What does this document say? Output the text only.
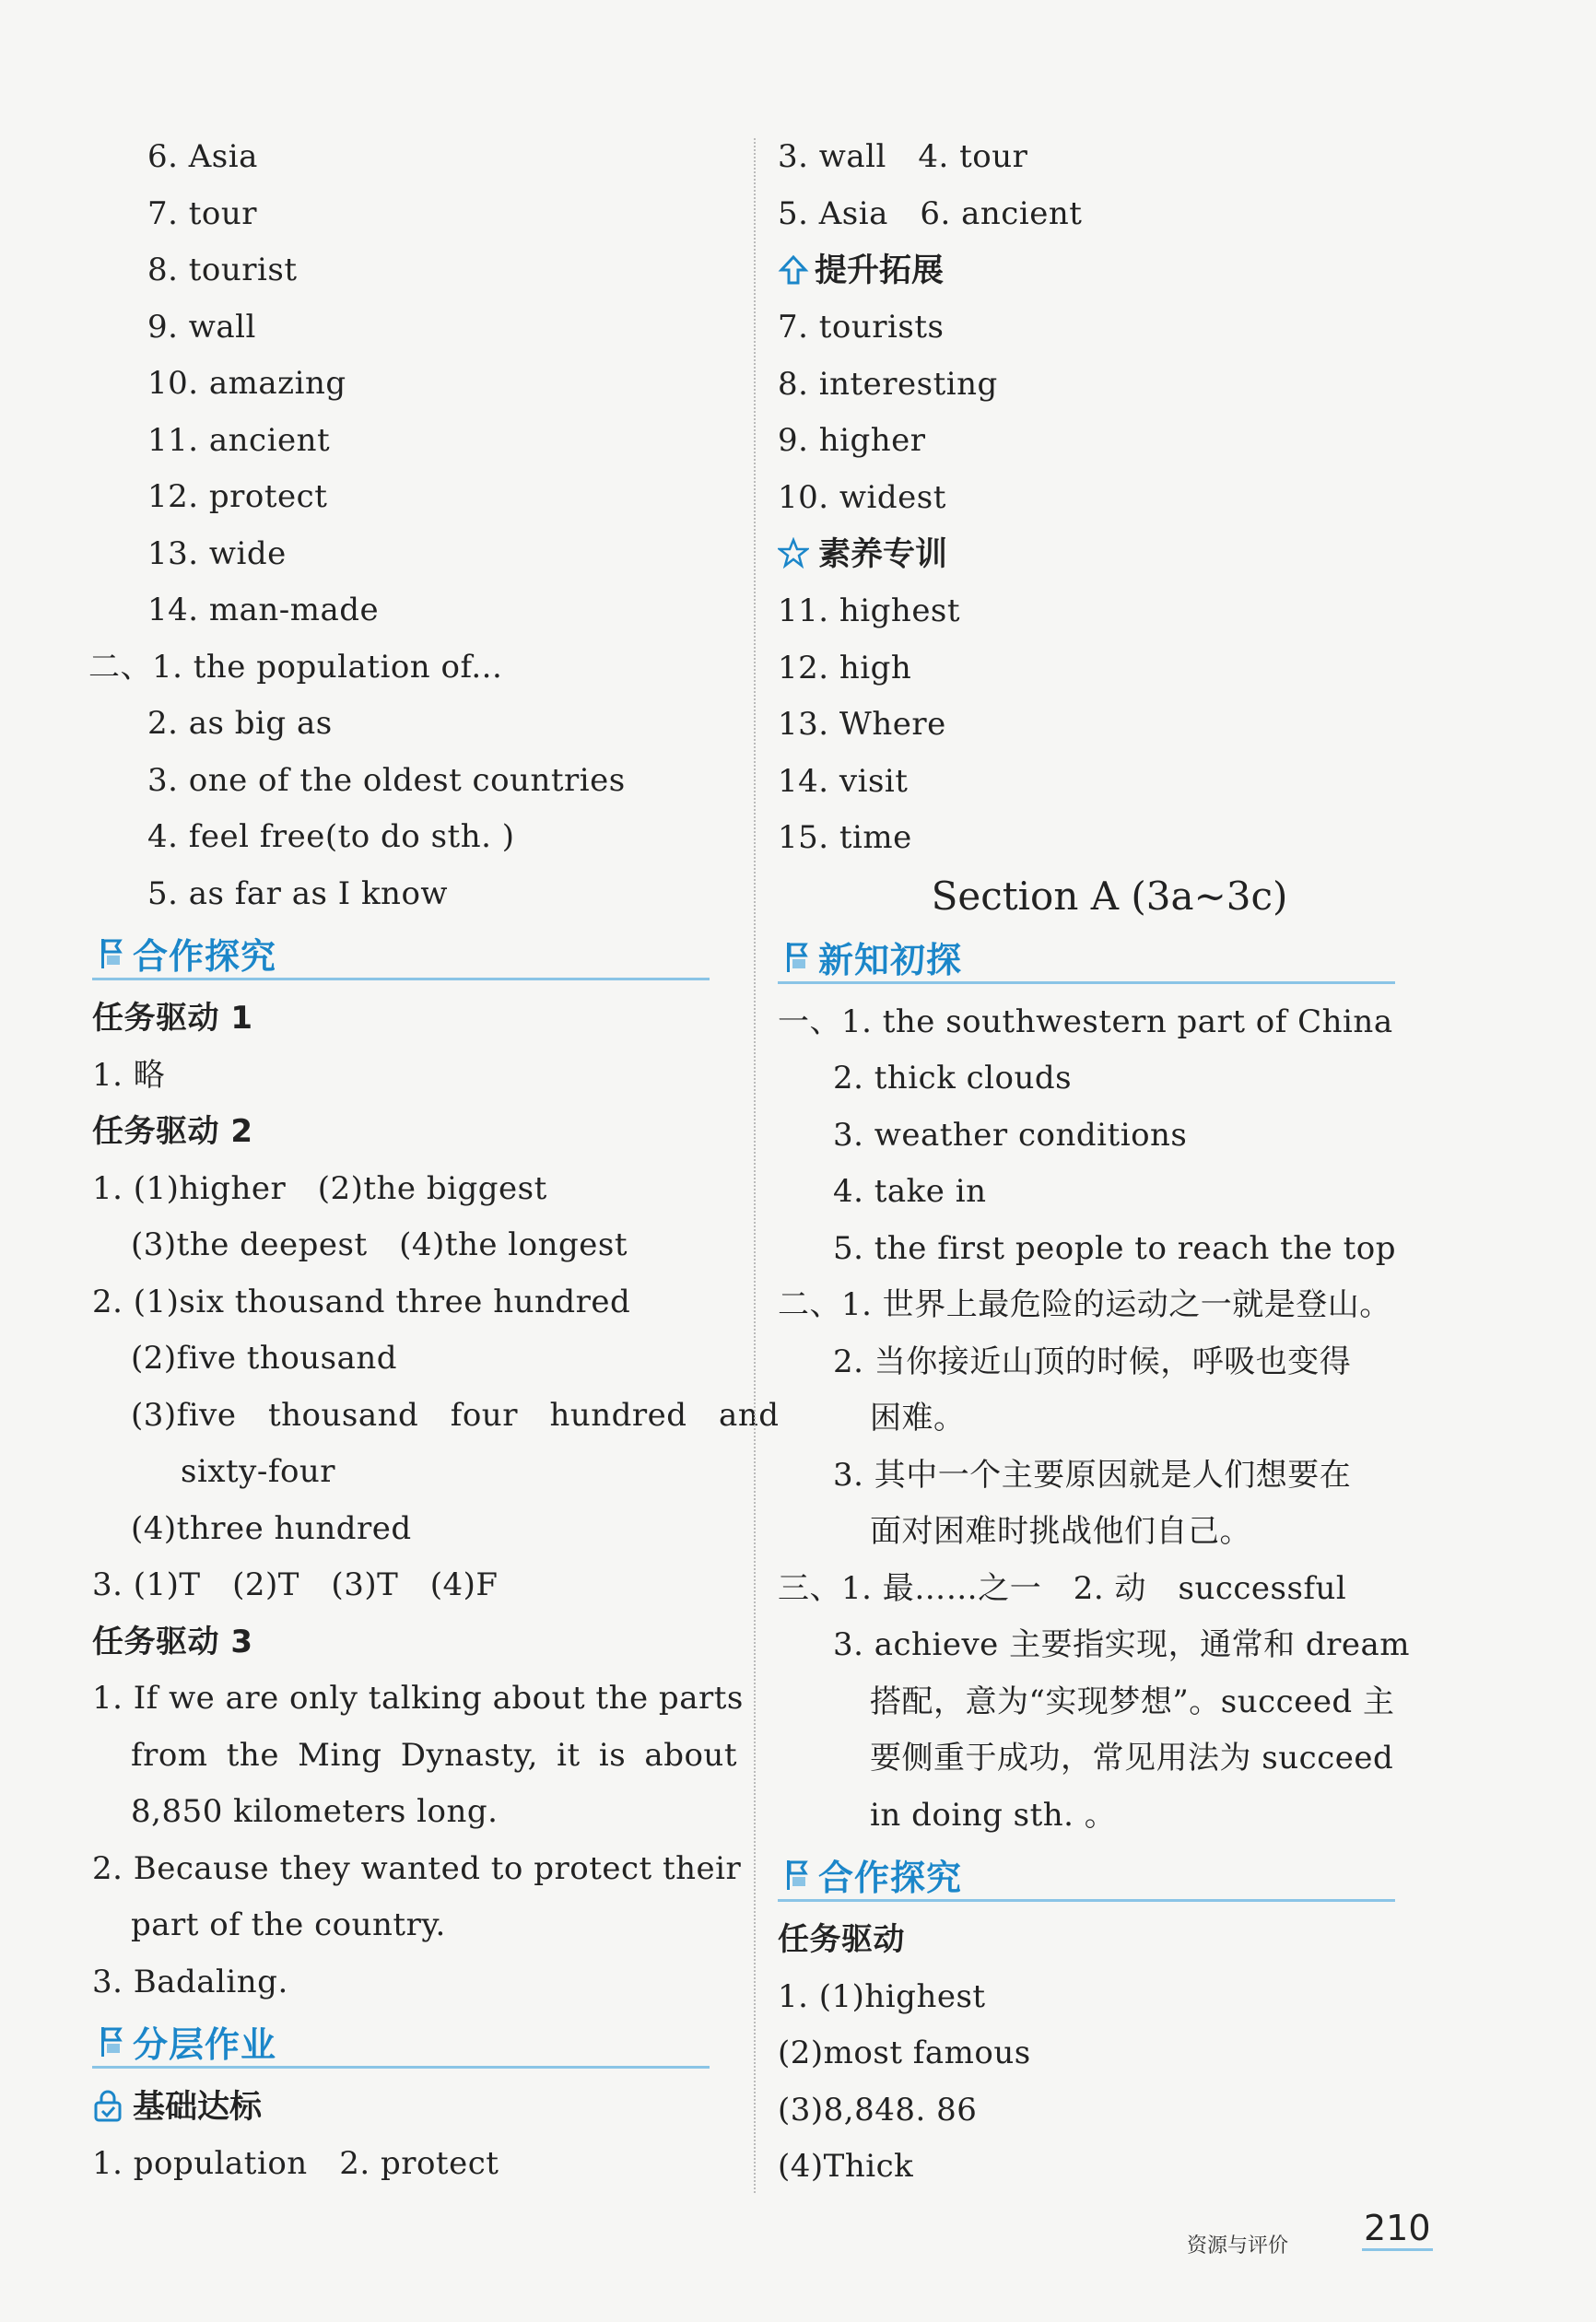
6. Asia
7. tour
8. tourist
9. wall
10. amazing
11. ancient
12. protect
13. wide
14. man-made
二、1. the population of...
2. as big as
3. one of the oldest countries
4. feel free(to do sth. )
5. as far as I know
合作探究
任务驱动 1
1. 略
任务驱动 2
1. (1)higher　(2)the biggest
(3)the deepest　(4)the longest
2. (1)six thousand three hundred
(2)five thousand
(3)five　thousand　four　hundred　and
sixty-four
(4)three hundred
3. (1)T　(2)T　(3)T　(4)F
任务驱动 3
1. If we are only talking about the parts
from the Ming Dynasty, it is about
8,850 kilometers long.
2. Because they wanted to protect their
part of the country.
3. Badaling.
分层作业
基础达标
1. population　2. protect
3. wall　4. tour
5. Asia　6. ancient
提升拓展
7. tourists
8. interesting
9. higher
10. widest
素养专训
11. highest
12. high
13. Where
14. visit
15. time
Section A (3a~3c)
新知初探
一、1. the southwestern part of China
2. thick clouds
3. weather conditions
4. take in
5. the first people to reach the top
二、1. 世界上最危险的运动之一就是登山。
2. 当你接近山顶的时候，呼吸也变得
困难。
3. 其中一个主要原因就是人们想要在
面对困难时挑战他们自己。
三、1. 最……之一　2. 动　successful
3. achieve 主要指实现，通常和 dream
搭配，意为“实现梦想”。succeed 主
要侧重于成功，常见用法为 succeed
in doing sth. 。
合作探究
任务驱动
1. (1)highest
(2)most famous
(3)8,848. 86
(4)Thick
资源与评价 210
